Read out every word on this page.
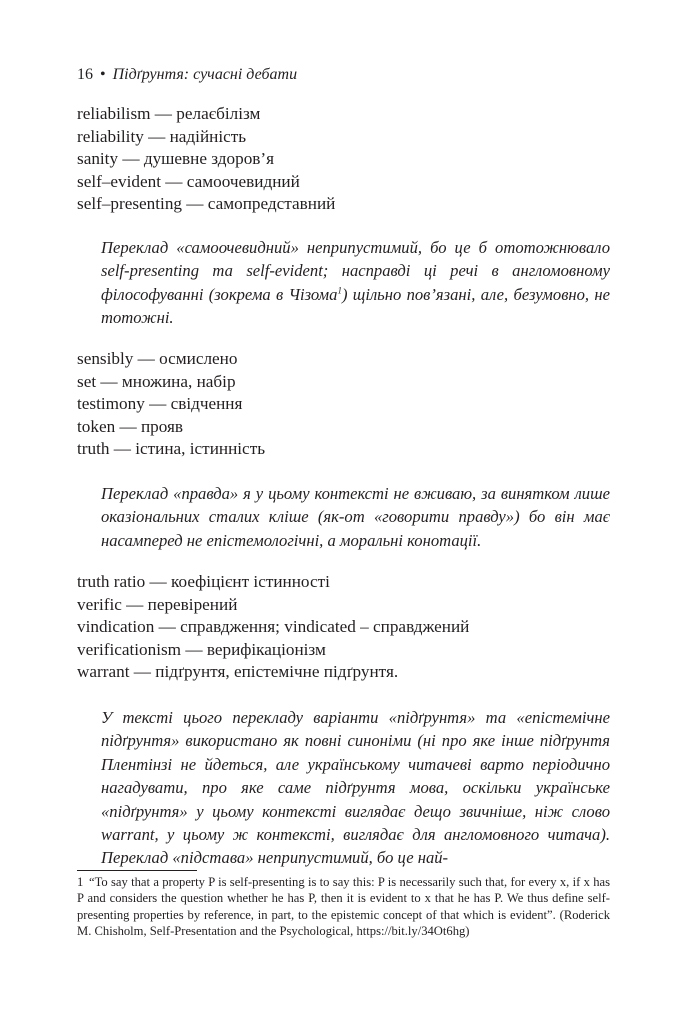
16 • Підґрунтя: сучасні дебати
reliabilism — релаєбілізм
reliability — надійність
sanity — душевне здоров’я
self–evident — самоочевидний
self–presenting — самопредставний
Переклад «самоочевидний» неприпустимий, бо це б ототожнювало self-presenting та self-evident; насправді ці речі в англомовному філософуванні (зокрема в Чізома$^1$) щільно пов’язані, але, безумовно, не тотожні.
sensibly — осмислено
set — множина, набір
testimony — свідчення
token — прояв
truth — істина, істинність
Переклад «правда» я у цьому контексті не вживаю, за винятком лише оказіональних сталих кліше (як-от «говорити правду») бо він має насамперед не епістемологічні, а моральні конотації.
truth ratio — коефіцієнт істинності
verific — перевірений
vindication — справдження; vindicated – справджений
verificationism — верифікаціонізм
warrant — підґрунтя, епістемічне підґрунтя.
У тексті цього перекладу варіанти «підґрунтя» та «епістемічне підґрунтя» використано як повні синоніми (ні про яке інше підґрунтя Плентінзі не йдеться, але українському читачеві варто періодично нагадувати, про яке саме підґрунтя мова, оскільки українське «підґрунтя» у цьому контексті виглядає дещо звичніше, ніж слово warrant, у цьому ж контексті, виглядає для англомовного читача). Переклад «підстава» неприпустимий, бо це най-
1 “To say that a property P is self-presenting is to say this: P is necessarily such that, for every x, if x has P and considers the question whether he has P, then it is evident to x that he has P. We thus define self-presenting properties by reference, in part, to the epistemic concept of that which is evident”. (Roderick M. Chisholm, Self-Presentation and the Psychological, https://bit.ly/34Ot6hg)
